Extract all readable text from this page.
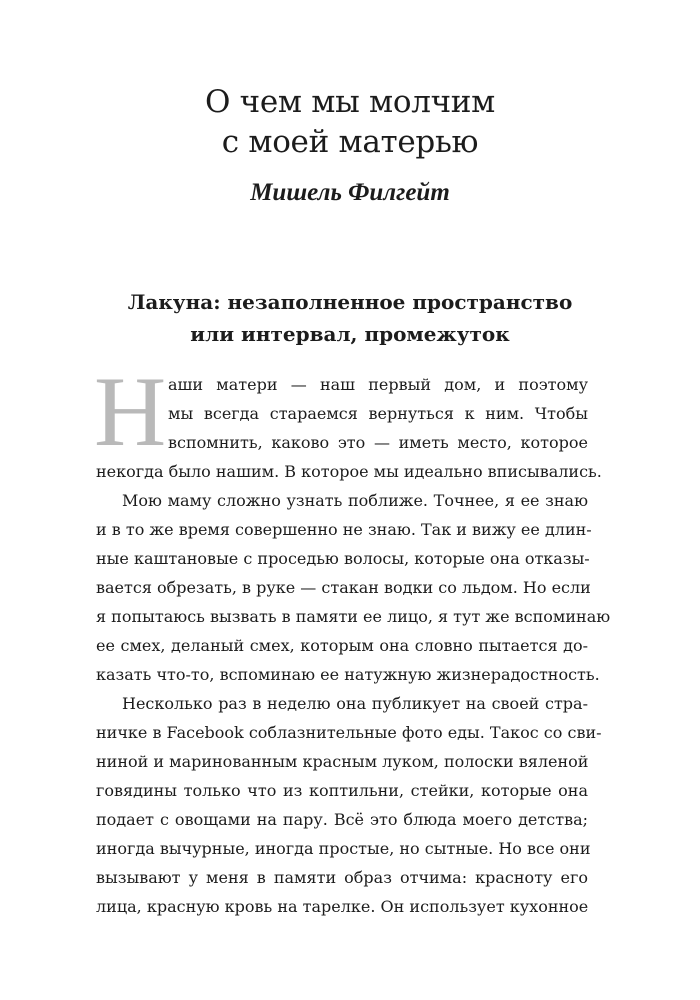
О чем мы молчим
с моей матерью

Мишель Филгейт

Лакуна: незаполненное пространство
или интервал, промежуток
Н аши матери — наш первый дом, и поэтому
мы всегда стараемся вернуться к ним. Чтобы
вспомнить, каково это — иметь место, которое
некогда было нашим. В которое мы идеально вписывались.
Мою маму сложно узнать поближе. Точнее, я ее знаю
и в то же время совершенно не знаю. Так и вижу ее длин-
ные каштановые с проседью волосы, которые она отказы-
вается обрезать, в руке — стакан водки со льдом. Но если
я попытаюсь вызвать в памяти ее лицо, я тут же вспоминаю
ее смех, деланый смех, которым она словно пытается до-
казать что-то, вспоминаю ее натужную жизнерадостность.
Несколько раз в неделю она публикует на своей стра-
ничке в Facebook соблазнительные фото еды. Такос со сви-
ниной и маринованным красным луком, полоски вяленой
говядины только что из коптильни, стейки, которые она
подает с овощами на пару. Всё это блюда моего детства;
иногда вычурные, иногда простые, но сытные. Но все они
вызывают у меня в памяти образ отчима: красноту его
лица, красную кровь на тарелке. Он использует кухонное
